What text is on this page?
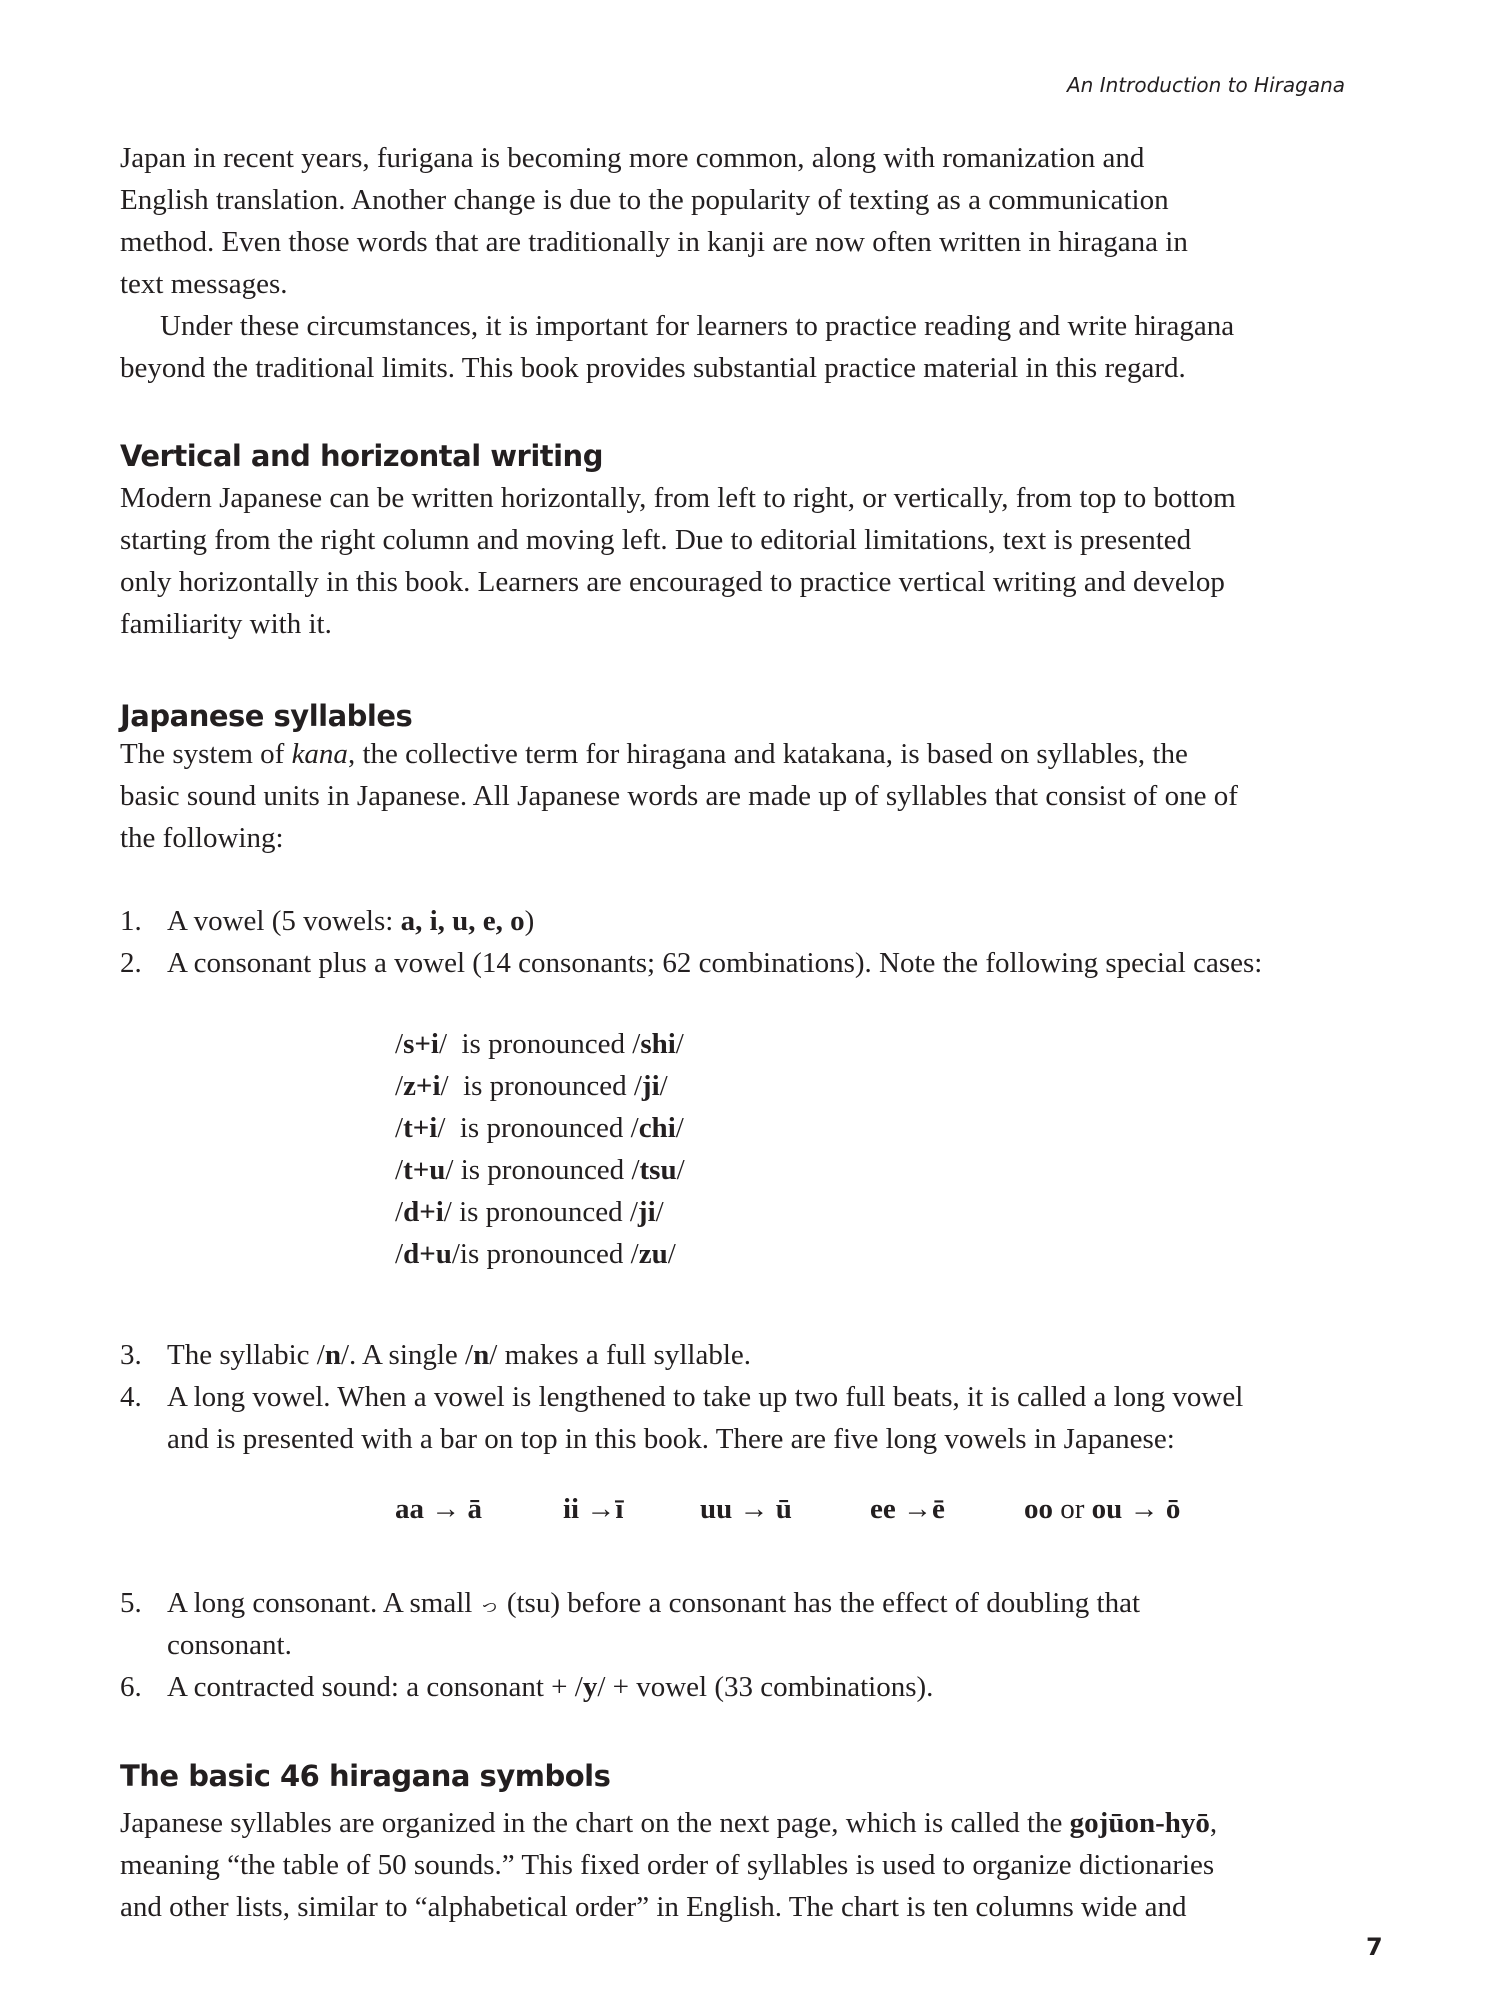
An Introduction to Hiragana
Japan in recent years, furigana is becoming more common, along with romanization and
English translation. Another change is due to the popularity of texting as a communication
method. Even those words that are traditionally in kanji are now often written in hiragana in
text messages.
Under these circumstances, it is important for learners to practice reading and write hiragana
beyond the traditional limits. This book provides substantial practice material in this regard.
Vertical and horizontal writing
Modern Japanese can be written horizontally, from left to right, or vertically, from top to bottom
starting from the right column and moving left. Due to editorial limitations, text is presented
only horizontally in this book. Learners are encouraged to practice vertical writing and develop
familiarity with it.
Japanese syllables
The system of kana, the collective term for hiragana and katakana, is based on syllables, the
basic sound units in Japanese. All Japanese words are made up of syllables that consist of one of
the following:
1. A vowel (5 vowels: a, i, u, e, o)
2. A consonant plus a vowel (14 consonants; 62 combinations). Note the following special cases:
/s+i/  is pronounced /shi/
/z+i/  is pronounced /ji/
/t+i/  is pronounced /chi/
/t+u/ is pronounced /tsu/
/d+i/ is pronounced /ji/
/d+u/is pronounced /zu/
3. The syllabic /n/. A single /n/ makes a full syllable.
4. A long vowel. When a vowel is lengthened to take up two full beats, it is called a long vowel
and is presented with a bar on top in this book. There are five long vowels in Japanese:
aa → ā	ii →ī	uu → ū	ee →ē	oo or ou → ō
5. A long consonant. A small っ (tsu) before a consonant has the effect of doubling that
consonant.
6. A contracted sound: a consonant + /y/ + vowel (33 combinations).
The basic 46 hiragana symbols
Japanese syllables are organized in the chart on the next page, which is called the gojūon-hyō,
meaning “the table of 50 sounds.” This fixed order of syllables is used to organize dictionaries
and other lists, similar to “alphabetical order” in English. The chart is ten columns wide and
7
